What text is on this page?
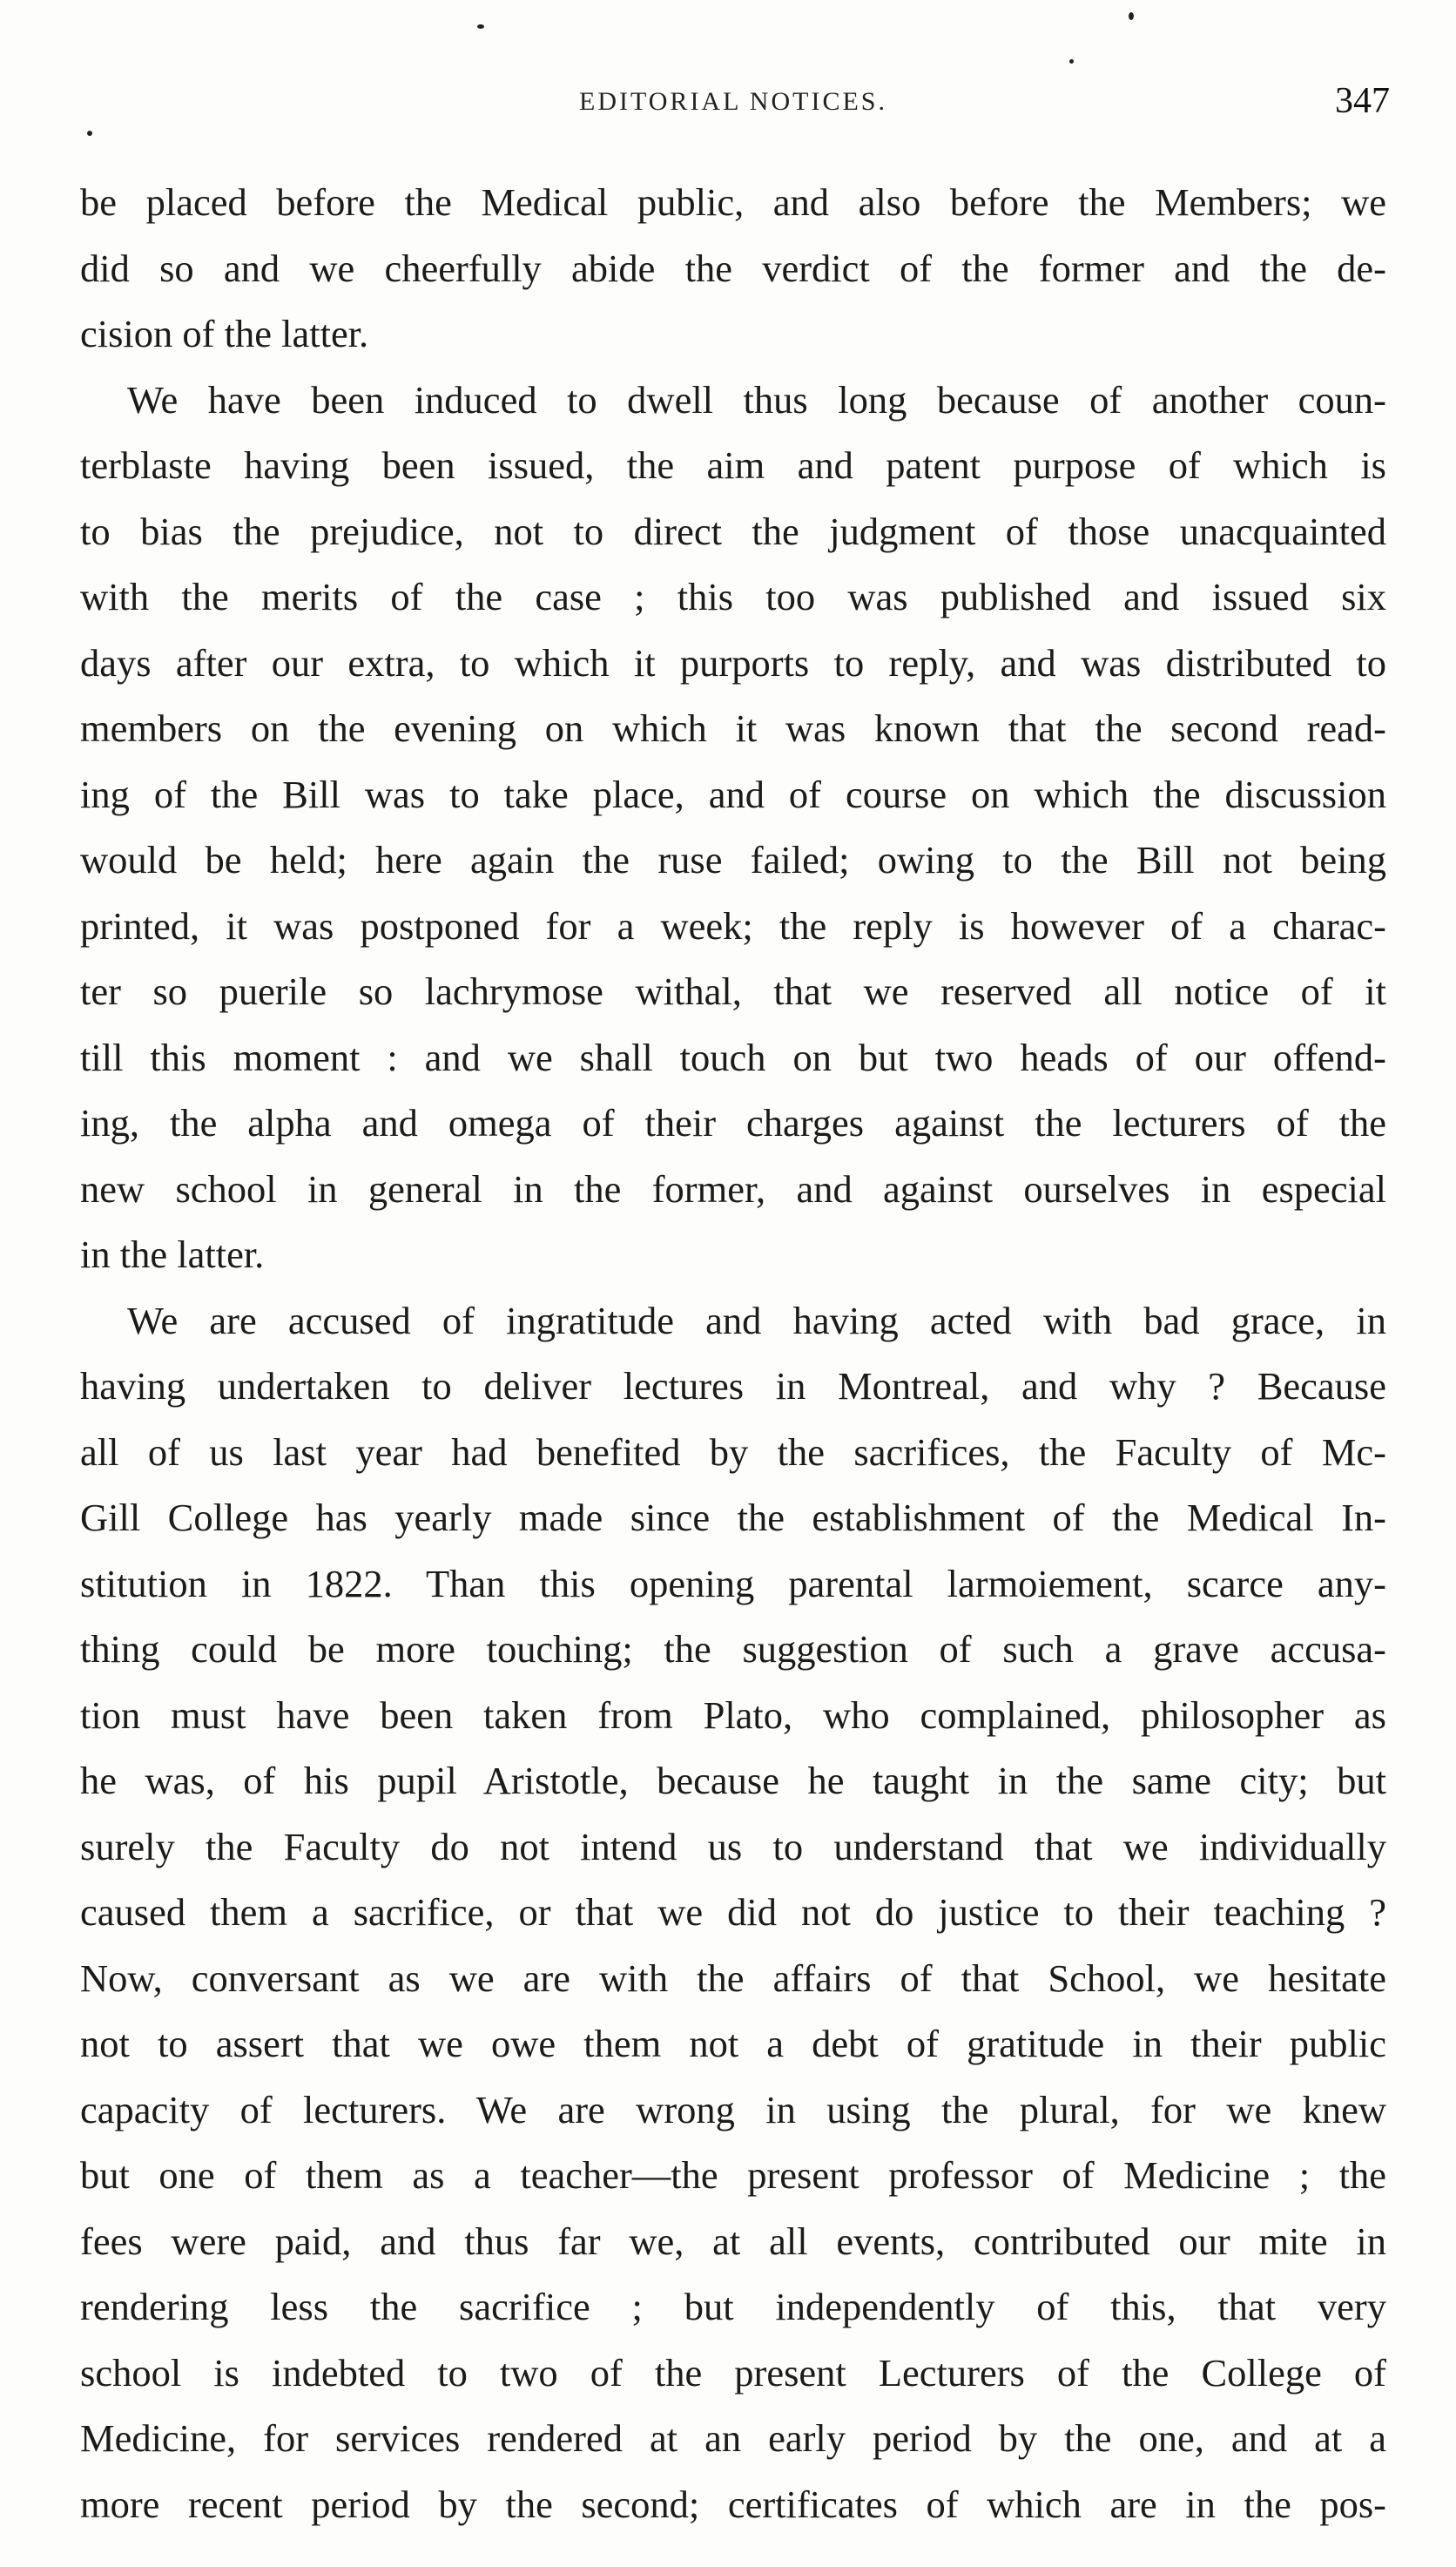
EDITORIAL NOTICES.	347
be placed before the Medical public, and also before the Members; we
did so and we cheerfully abide the verdict of the former and the de-
cision of the latter.
We have been induced to dwell thus long because of another coun-
terblaste having been issued, the aim and patent purpose of which is
to bias the prejudice, not to direct the judgment of those unacquainted
with the merits of the case ; this too was published and issued six
days after our extra, to which it purports to reply, and was distributed to
members on the evening on which it was known that the second read-
ing of the Bill was to take place, and of course on which the discussion
would be held; here again the ruse failed; owing to the Bill not being
printed, it was postponed for a week; the reply is however of a charac-
ter so puerile so lachrymose withal, that we reserved all notice of it
till this moment : and we shall touch on but two heads of our offend-
ing, the alpha and omega of their charges against the lecturers of the
new school in general in the former, and against ourselves in especial
in the latter.
We are accused of ingratitude and having acted with bad grace, in
having undertaken to deliver lectures in Montreal, and why ? Because
all of us last year had benefited by the sacrifices, the Faculty of Mc-
Gill College has yearly made since the establishment of the Medical In-
stitution in 1822. Than this opening parental larmoiement, scarce any-
thing could be more touching; the suggestion of such a grave accusa-
tion must have been taken from Plato, who complained, philosopher as
he was, of his pupil Aristotle, because he taught in the same city; but
surely the Faculty do not intend us to understand that we individually
caused them a sacrifice, or that we did not do justice to their teaching ?
Now, conversant as we are with the affairs of that School, we hesitate
not to assert that we owe them not a debt of gratitude in their public
capacity of lecturers. We are wrong in using the plural, for we knew
but one of them as a teacher—the present professor of Medicine ; the
fees were paid, and thus far we, at all events, contributed our mite in
rendering less the sacrifice ; but independently of this, that very
school is indebted to two of the present Lecturers of the College of
Medicine, for services rendered at an early period by the one, and at a
more recent period by the second; certificates of which are in the pos-
